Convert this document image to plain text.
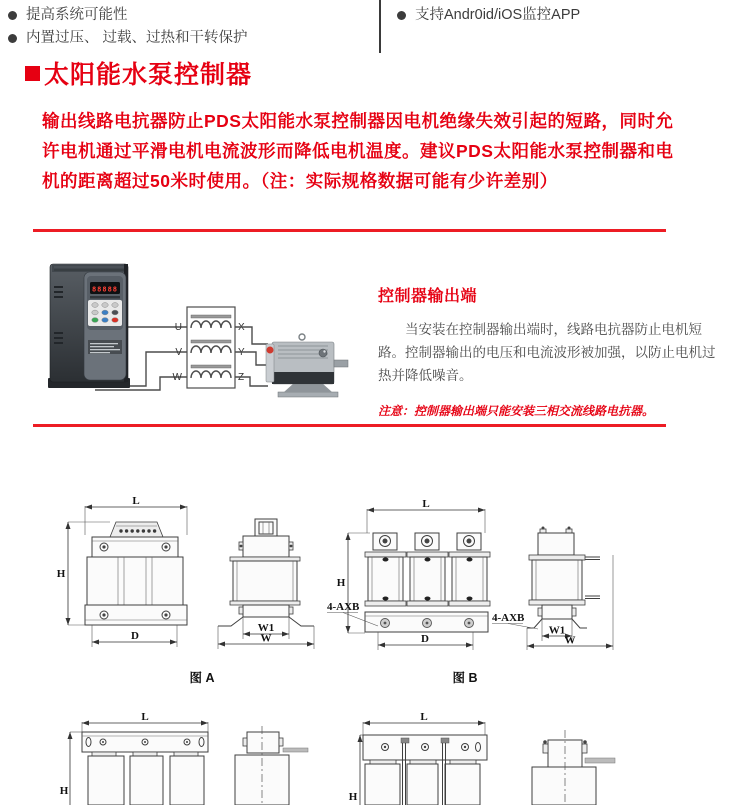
提高系统可能性
内置过压、 过载、过热和干转保护
支持Andr0id/iOS监控APP
太阳能水泵控制器

输出线路电抗器防止PDS太阳能水泵控制器因电机绝缘失效引起的短路，同时允许电机通过平滑电机电流波形而降低电机温度。建议PDS太阳能水泵控制器和电机的距离超过50米时使用。（注：实际规格数据可能有少许差别）

88888
U
V
W
X
Y
Z
控制器输出端

当安装在控制器输出端时，线路电抗器防止电机短路。控制器输出的电压和电流波形被加强，以防止电机过热并降低噪音。

注意：控制器输出端只能安装三相交流线路电抗器。

L
H
D
W1
W
图 A
L
H
4-AXB
D
4-AXB
W1
W
图 B
L
H
L
H
